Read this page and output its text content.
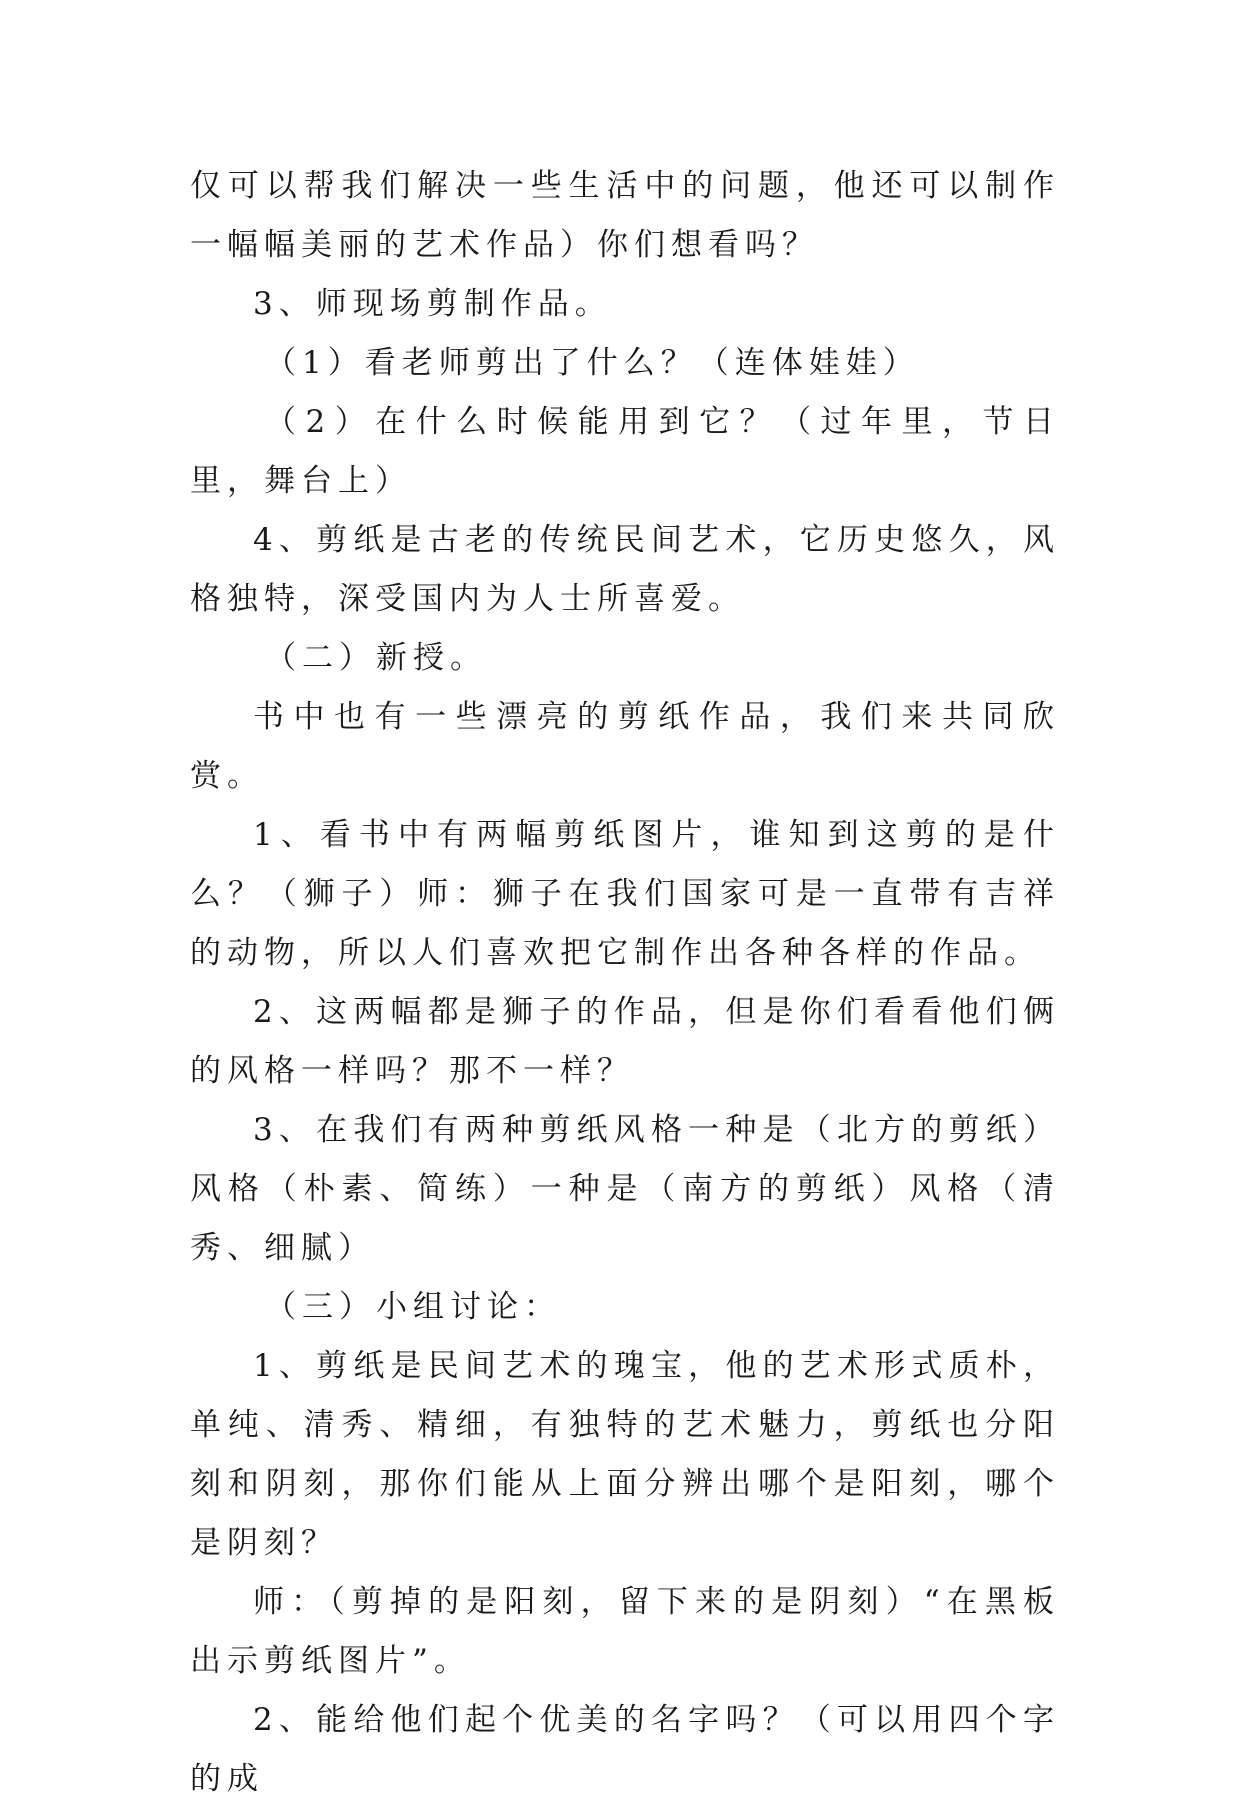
仅可以帮我们解决一些生活中的问题，他还可以制作一幅幅美丽的艺术作品）你们想看吗？

3、师现场剪制作品。

（1）看老师剪出了什么？（连体娃娃）

（2）在什么时候能用到它？（过年里，节日里，舞台上）

4、剪纸是古老的传统民间艺术，它历史悠久，风格独特，深受国内为人士所喜爱。

（二）新授。

书中也有一些漂亮的剪纸作品，我们来共同欣赏。

1、看书中有两幅剪纸图片，谁知到这剪的是什么？（狮子）师：狮子在我们国家可是一直带有吉祥的动物，所以人们喜欢把它制作出各种各样的作品。

2、这两幅都是狮子的作品，但是你们看看他们俩的风格一样吗？那不一样？

3、在我们有两种剪纸风格一种是（北方的剪纸）风格（朴素、简练）一种是（南方的剪纸）风格（清秀、细腻）

（三）小组讨论：

1、剪纸是民间艺术的瑰宝，他的艺术形式质朴，单纯、清秀、精细，有独特的艺术魅力，剪纸也分阳刻和阴刻，那你们能从上面分辨出哪个是阳刻，哪个是阴刻？

师：（剪掉的是阳刻，留下来的是阴刻）“在黑板出示剪纸图片”。

2、能给他们起个优美的名字吗？（可以用四个字的成
